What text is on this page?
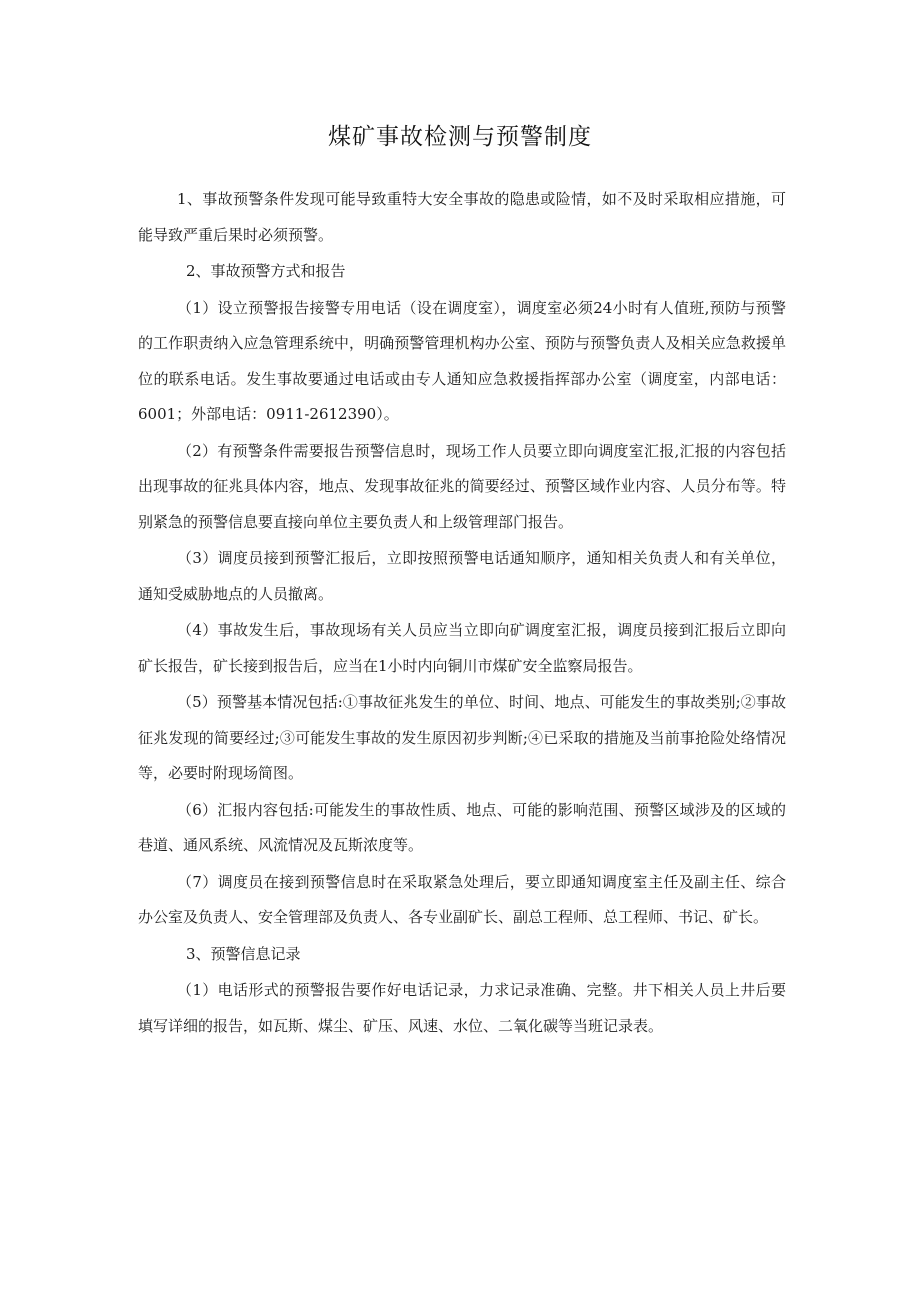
煤矿事故检测与预警制度

1、事故预警条件发现可能导致重特大安全事故的隐患或险情，如不及时采取相应措施，可能导致严重后果时必须预警。

2、事故预警方式和报告

（1）设立预警报告接警专用电话（设在调度室），调度室必须24小时有人值班,预防与预警的工作职责纳入应急管理系统中，明确预警管理机构办公室、预防与预警负责人及相关应急救援单位的联系电话。发生事故要通过电话或由专人通知应急救援指挥部办公室（调度室，内部电话：6001；外部电话：0911-2612390）。

（2）有预警条件需要报告预警信息时，现场工作人员要立即向调度室汇报,汇报的内容包括出现事故的征兆具体内容，地点、发现事故征兆的简要经过、预警区域作业内容、人员分布等。特别紧急的预警信息要直接向单位主要负责人和上级管理部门报告。

（3）调度员接到预警汇报后，立即按照预警电话通知顺序，通知相关负责人和有关单位，通知受威胁地点的人员撤离。

（4）事故发生后，事故现场有关人员应当立即向矿调度室汇报，调度员接到汇报后立即向矿长报告，矿长接到报告后，应当在1小时内向铜川市煤矿安全监察局报告。

（5）预警基本情况包括:①事故征兆发生的单位、时间、地点、可能发生的事故类别;②事故征兆发现的简要经过;③可能发生事故的发生原因初步判断;④已采取的措施及当前事抢险处络情况等，必要时附现场简图。

（6）汇报内容包括:可能发生的事故性质、地点、可能的影响范围、预警区域涉及的区域的巷道、通风系统、风流情况及瓦斯浓度等。

（7）调度员在接到预警信息时在采取紧急处理后，要立即通知调度室主任及副主任、综合办公室及负责人、安全管理部及负责人、各专业副矿长、副总工程师、总工程师、书记、矿长。

3、预警信息记录

（1）电话形式的预警报告要作好电话记录，力求记录准确、完整。井下相关人员上井后要填写详细的报告，如瓦斯、煤尘、矿压、风速、水位、二氧化碳等当班记录表。
